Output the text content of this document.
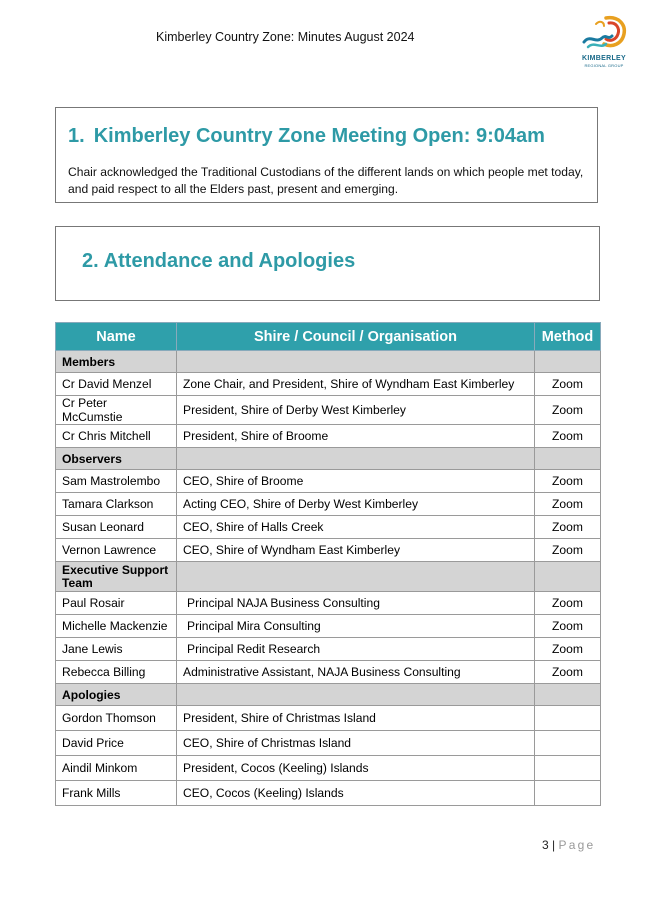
Kimberley Country Zone: Minutes August 2024
KIMBERLEY
REGIONAL GROUP
1. Kimberley Country Zone Meeting Open: 9:04am

Chair acknowledged the Traditional Custodians of the different lands on which people met today, and paid respect to all the Elders past, present and emerging.

2. Attendance and Apologies
Name	Shire / Council / Organisation	Method
Members		
Cr David Menzel	Zone Chair, and President, Shire of Wyndham East Kimberley	Zoom
Cr Peter McCumstie	President, Shire of Derby West Kimberley	Zoom
Cr Chris Mitchell	President, Shire of Broome	Zoom
Observers		
Sam Mastrolembo	CEO, Shire of Broome	Zoom
Tamara Clarkson	Acting CEO, Shire of Derby West Kimberley	Zoom
Susan Leonard	CEO, Shire of Halls Creek	Zoom
Vernon Lawrence	CEO, Shire of Wyndham East Kimberley	Zoom
Executive Support Team		
Paul Rosair	Principal NAJA Business Consulting	Zoom
Michelle Mackenzie	Principal Mira Consulting	Zoom
Jane Lewis	Principal Redit Research	Zoom
Rebecca Billing	Administrative Assistant, NAJA Business Consulting	Zoom
Apologies		
Gordon Thomson	President, Shire of Christmas Island	
David Price	CEO, Shire of Christmas Island	
Aindil Minkom	President, Cocos (Keeling) Islands	
Frank Mills	CEO, Cocos (Keeling) Islands	
3 | Page
